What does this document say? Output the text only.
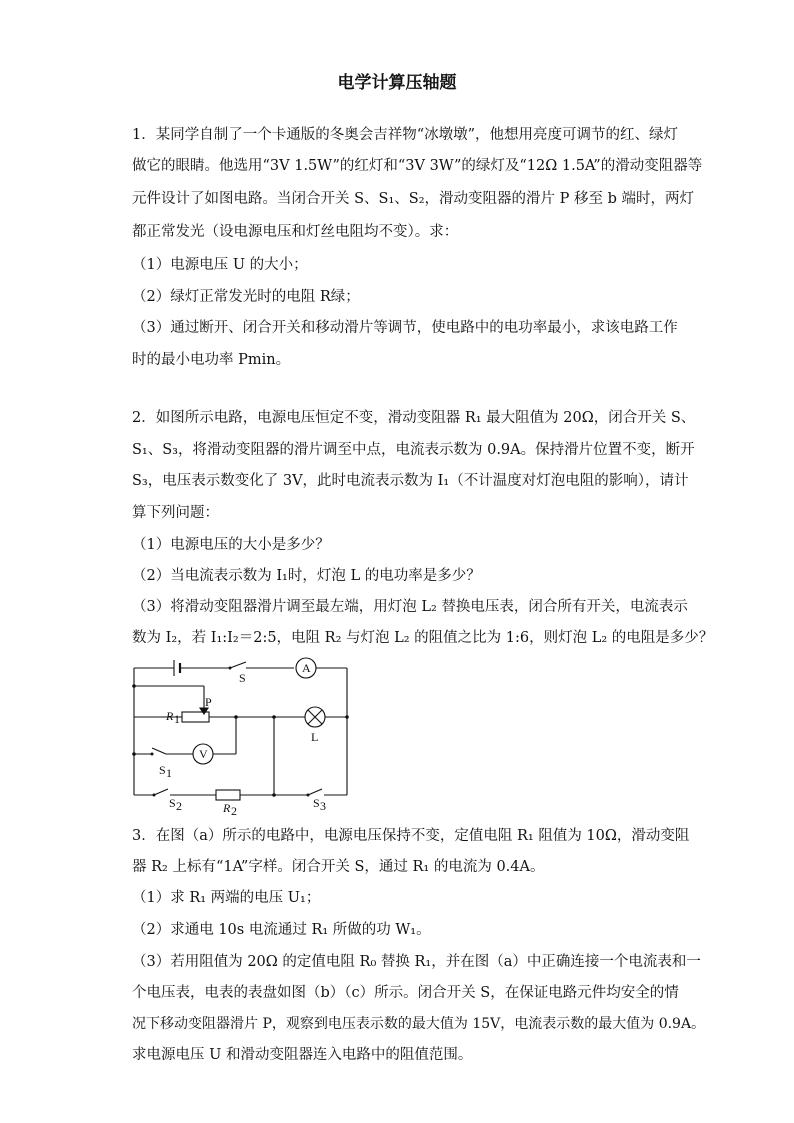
电学计算压轴题
1．某同学自制了一个卡通版的冬奥会吉祥物“冰墩墩”，他想用亮度可调节的红、绿灯
做它的眼睛。他选用“3V 1.5W”的红灯和“3V 3W”的绿灯及“12Ω 1.5A”的滑动变阻器等
元件设计了如图电路。当闭合开关 S、S₁、S₂，滑动变阻器的滑片 P 移至 b 端时，两灯
都正常发光（设电源电压和灯丝电阻均不变）。求：
（1）电源电压 U 的大小；
（2）绿灯正常发光时的电阻 R绿；
（3）通过断开、闭合开关和移动滑片等调节，使电路中的电功率最小，求该电路工作
时的最小电功率 Pmin。
2．如图所示电路，电源电压恒定不变，滑动变阻器 R₁ 最大阻值为 20Ω，闭合开关 S、
S₁、S₃，将滑动变阻器的滑片调至中点，电流表示数为 0.9A。保持滑片位置不变，断开
S₃，电压表示数变化了 3V，此时电流表示数为 I₁（不计温度对灯泡电阻的影响），请计
算下列问题：
（1）电源电压的大小是多少？
（2）当电流表示数为 I₁时，灯泡 L 的电功率是多少？
（3）将滑动变阻器滑片调至最左端，用灯泡 L₂ 替换电压表，闭合所有开关，电流表示
数为 I₂，若 I₁:I₂＝2:5，电阻 R₂ 与灯泡 L₂ 的阻值之比为 1:6，则灯泡 L₂ 的电阻是多少？
A
V
S
P
R 1
L
S 1
S 2	R 2
S 3
3．在图（a）所示的电路中，电源电压保持不变，定值电阻 R₁ 阻值为 10Ω，滑动变阻
器 R₂ 上标有“1A”字样。闭合开关 S，通过 R₁ 的电流为 0.4A。
（1）求 R₁ 两端的电压 U₁；
（2）求通电 10s 电流通过 R₁ 所做的功 W₁。
（3）若用阻值为 20Ω 的定值电阻 R₀ 替换 R₁，并在图（a）中正确连接一个电流表和一
个电压表，电表的表盘如图（b）（c）所示。闭合开关 S，在保证电路元件均安全的情
况下移动变阻器滑片 P，观察到电压表示数的最大值为 15V，电流表示数的最大值为 0.9A。
求电源电压 U 和滑动变阻器连入电路中的阻值范围。
